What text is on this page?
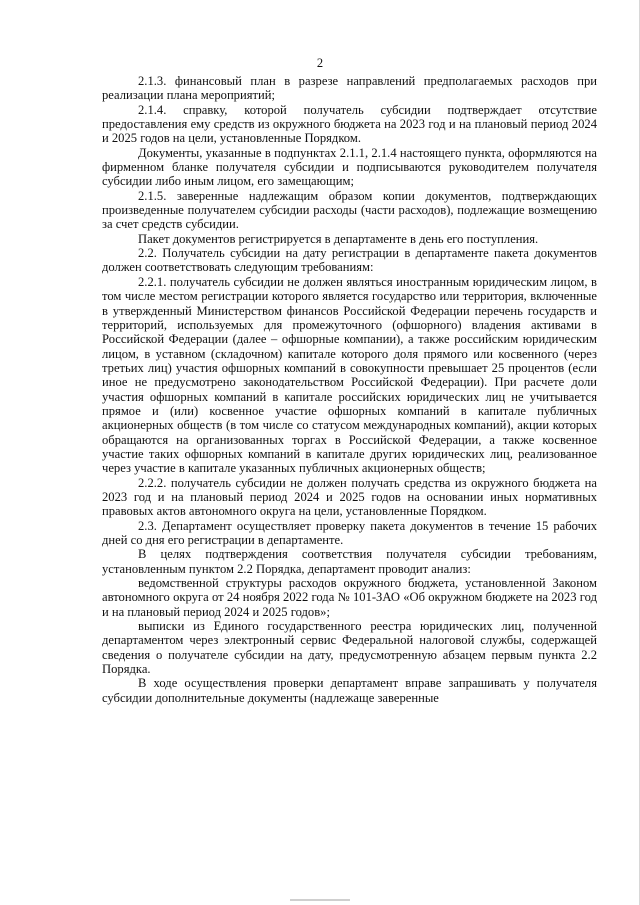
2

2.1.3. финансовый план в разрезе направлений предполагаемых расходов при реализации плана мероприятий;

2.1.4. справку, которой получатель субсидии подтверждает отсутствие предоставления ему средств из окружного бюджета на 2023 год и на плановый период 2024 и 2025 годов на цели, установленные Порядком.

Документы, указанные в подпунктах 2.1.1, 2.1.4 настоящего пункта, оформляются на фирменном бланке получателя субсидии и подписываются руководителем получателя субсидии либо иным лицом, его замещающим;

2.1.5. заверенные надлежащим образом копии документов, подтверждающих произведенные получателем субсидии расходы (части расходов), подлежащие возмещению за счет средств субсидии.

Пакет документов регистрируется в департаменте в день его поступления.

2.2. Получатель субсидии на дату регистрации в департаменте пакета документов должен соответствовать следующим требованиям:

2.2.1. получатель субсидии не должен являться иностранным юридическим лицом, в том числе местом регистрации которого является государство или территория, включенные в утвержденный Министерством финансов Российской Федерации перечень государств и территорий, используемых для промежуточного (офшорного) владения активами в Российской Федерации (далее – офшорные компании), а также российским юридическим лицом, в уставном (складочном) капитале которого доля прямого или косвенного (через третьих лиц) участия офшорных компаний в совокупности превышает 25 процентов (если иное не предусмотрено законодательством Российской Федерации). При расчете доли участия офшорных компаний в капитале российских юридических лиц не учитывается прямое и (или) косвенное участие офшорных компаний в капитале публичных акционерных обществ (в том числе со статусом международных компаний), акции которых обращаются на организованных торгах в Российской Федерации, а также косвенное участие таких офшорных компаний в капитале других юридических лиц, реализованное через участие в капитале указанных публичных акционерных обществ;

2.2.2. получатель субсидии не должен получать средства из окружного бюджета на 2023 год и на плановый период 2024 и 2025 годов на основании иных нормативных правовых актов автономного округа на цели, установленные Порядком.

2.3. Департамент осуществляет проверку пакета документов в течение 15 рабочих дней со дня его регистрации в департаменте.

В целях подтверждения соответствия получателя субсидии требованиям, установленным пунктом 2.2 Порядка, департамент проводит анализ:

ведомственной структуры расходов окружного бюджета, установленной Законом автономного округа от 24 ноября 2022 года № 101-ЗАО «Об окружном бюджете на 2023 год и на плановый период 2024 и 2025 годов»;

выписки из Единого государственного реестра юридических лиц, полученной департаментом через электронный сервис Федеральной налоговой службы, содержащей сведения о получателе субсидии на дату, предусмотренную абзацем первым пункта 2.2 Порядка.

В ходе осуществления проверки департамент вправе запрашивать у получателя субсидии дополнительные документы (надлежаще заверенные
